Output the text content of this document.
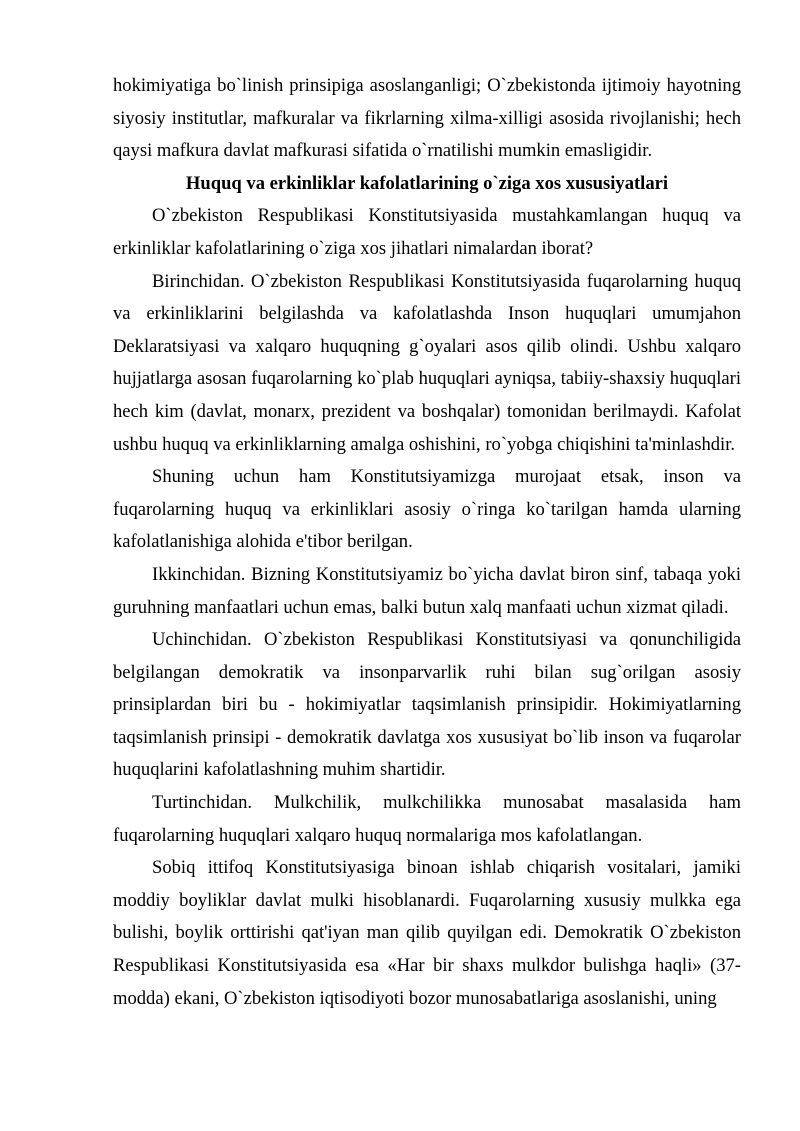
hokimiyatiga bo`linish prinsipiga asoslanganligi; O`zbekistonda ijtimoiy hayotning siyosiy institutlar, mafkuralar va fikrlarning xilma-xilligi asosida rivojlanishi; hech qaysi mafkura davlat mafkurasi sifatida o`rnatilishi mumkin emasligidir.

Huquq va erkinliklar kafolatlarining o`ziga xos xususiyatlari

O`zbekiston Respublikasi Konstitutsiyasida mustahkamlangan huquq va erkinliklar kafolatlarining o`ziga xos jihatlari nimalardan iborat?

Birinchidan. O`zbekiston Respublikasi Konstitutsiyasida fuqarolarning huquq va erkinliklarini belgilashda va kafolatlashda Inson huquqlari umumjahon Deklaratsiyasi va xalqaro huquqning g`oyalari asos qilib olindi. Ushbu xalqaro hujjatlarga asosan fuqarolarning ko`plab huquqlari ayniqsa, tabiiy-shaxsiy huquqlari hech kim (davlat, monarx, prezident va boshqalar) tomonidan berilmaydi. Kafolat ushbu huquq va erkinliklarning amalga oshishini, ro`yobga chiqishini ta'minlashdir.

Shuning uchun ham Konstitutsiyamizga murojaat etsak, inson va fuqarolarning huquq va erkinliklari asosiy o`ringa ko`tarilgan hamda ularning kafolatlanishiga alohida e'tibor berilgan.

Ikkinchidan. Bizning Konstitutsiyamiz bo`yicha davlat biron sinf, tabaqa yoki guruhning manfaatlari uchun emas, balki butun xalq manfaati uchun xizmat qiladi.

Uchinchidan. O`zbekiston Respublikasi Konstitutsiyasi va qonunchiligida belgilangan demokratik va insonparvarlik ruhi bilan sug`orilgan asosiy prinsiplardan biri bu - hokimiyatlar taqsimlanish prinsipidir. Hokimiyatlarning taqsimlanish prinsipi - demokratik davlatga xos xususiyat bo`lib inson va fuqarolar huquqlarini kafolatlashning muhim shartidir.

Turtinchidan. Mulkchilik, mulkchilikka munosabat masalasida ham fuqarolarning huquqlari xalqaro huquq normalariga mos kafolatlangan.

Sobiq ittifoq Konstitutsiyasiga binoan ishlab chiqarish vositalari, jamiki moddiy boyliklar davlat mulki hisoblanardi. Fuqarolarning xususiy mulkka ega bulishi, boylik orttirishi qat'iyan man qilib quyilgan edi. Demokratik O`zbekiston Respublikasi Konstitutsiyasida esa «Har bir shaxs mulkdor bulishga haqli» (37-modda) ekani, O`zbekiston iqtisodiyoti bozor munosabatlariga asoslanishi, uning
